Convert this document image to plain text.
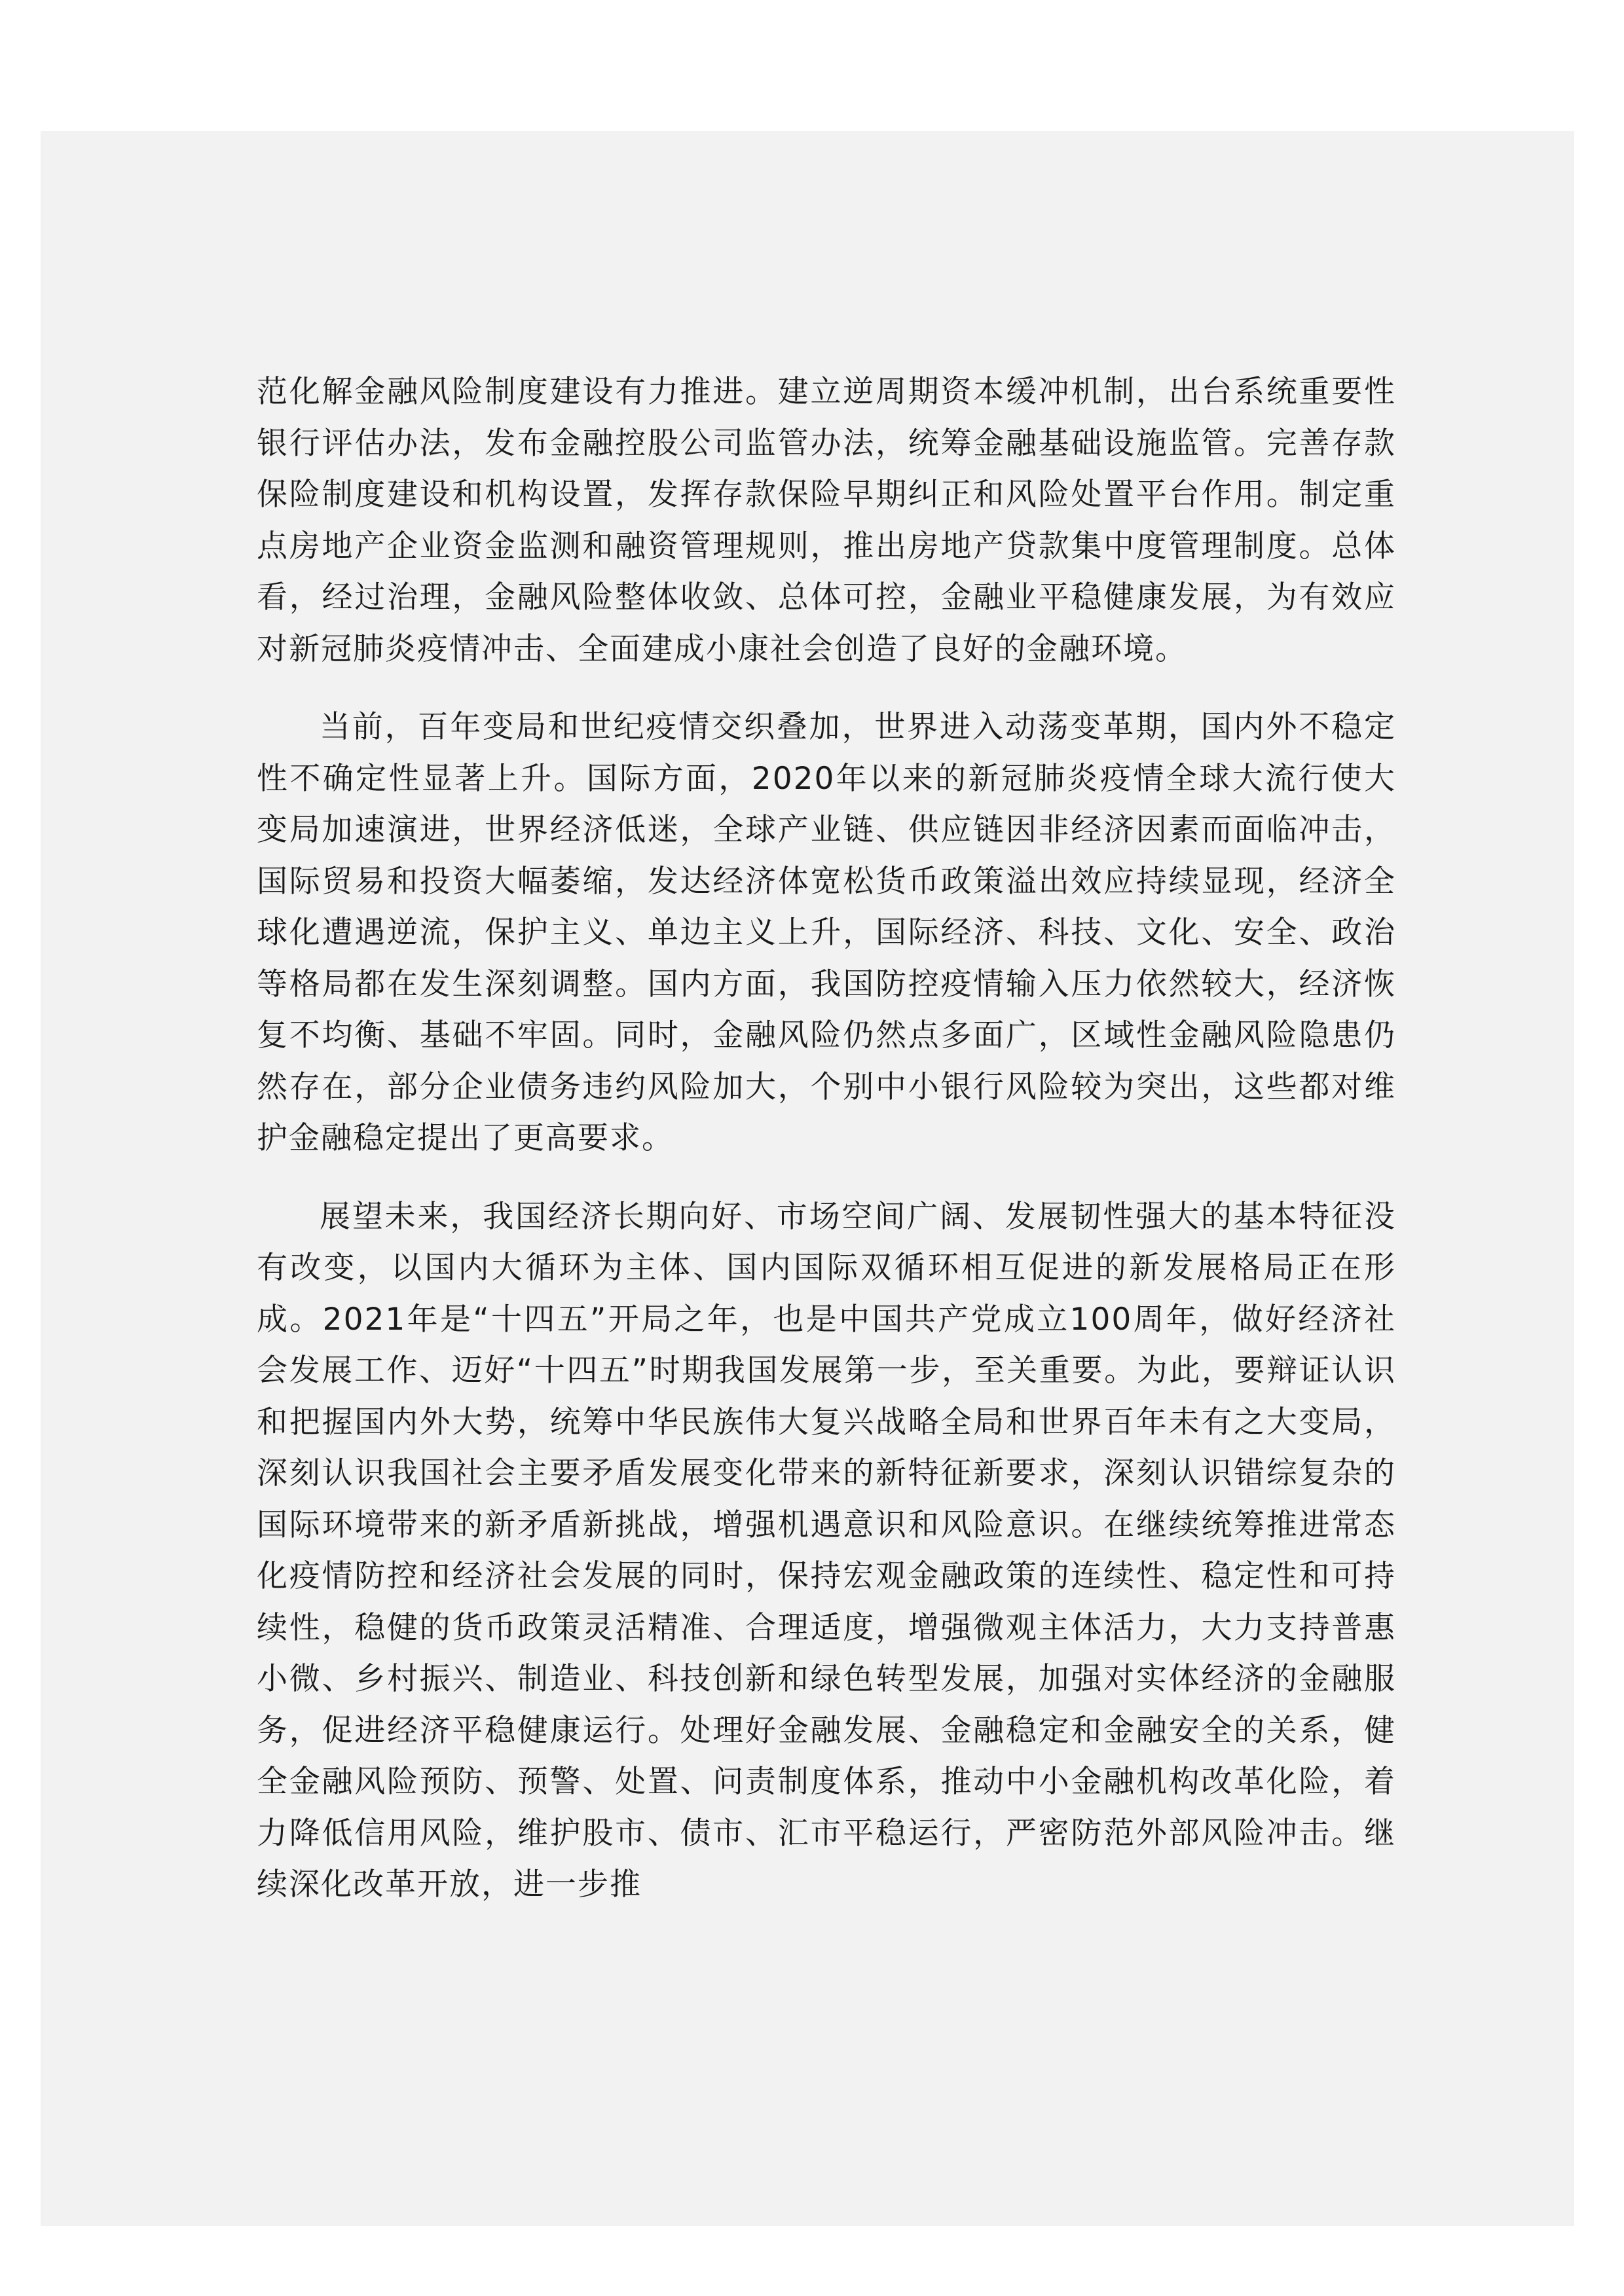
范化解金融风险制度建设有力推进。建立逆周期资本缓冲机制，出台系统重要性银行评估办法，发布金融控股公司监管办法，统筹金融基础设施监管。完善存款保险制度建设和机构设置，发挥存款保险早期纠正和风险处置平台作用。制定重点房地产企业资金监测和融资管理规则，推出房地产贷款集中度管理制度。总体看，经过治理，金融风险整体收敛、总体可控，金融业平稳健康发展，为有效应对新冠肺炎疫情冲击、全面建成小康社会创造了良好的金融环境。

当前，百年变局和世纪疫情交织叠加，世界进入动荡变革期，国内外不稳定性不确定性显著上升。国际方面，2020年以来的新冠肺炎疫情全球大流行使大变局加速演进，世界经济低迷，全球产业链、供应链因非经济因素而面临冲击，国际贸易和投资大幅萎缩，发达经济体宽松货币政策溢出效应持续显现，经济全球化遭遇逆流，保护主义、单边主义上升，国际经济、科技、文化、安全、政治等格局都在发生深刻调整。国内方面，我国防控疫情输入压力依然较大，经济恢复不均衡、基础不牢固。同时，金融风险仍然点多面广，区域性金融风险隐患仍然存在，部分企业债务违约风险加大，个别中小银行风险较为突出，这些都对维护金融稳定提出了更高要求。

展望未来，我国经济长期向好、市场空间广阔、发展韧性强大的基本特征没有改变，以国内大循环为主体、国内国际双循环相互促进的新发展格局正在形成。2021年是“十四五”开局之年，也是中国共产党成立100周年，做好经济社会发展工作、迈好“十四五”时期我国发展第一步，至关重要。为此，要辩证认识和把握国内外大势，统筹中华民族伟大复兴战略全局和世界百年未有之大变局，深刻认识我国社会主要矛盾发展变化带来的新特征新要求，深刻认识错综复杂的国际环境带来的新矛盾新挑战，增强机遇意识和风险意识。在继续统筹推进常态化疫情防控和经济社会发展的同时，保持宏观金融政策的连续性、稳定性和可持续性，稳健的货币政策灵活精准、合理适度，增强微观主体活力，大力支持普惠小微、乡村振兴、制造业、科技创新和绿色转型发展，加强对实体经济的金融服务，促进经济平稳健康运行。处理好金融发展、金融稳定和金融安全的关系，健全金融风险预防、预警、处置、问责制度体系，推动中小金融机构改革化险，着力降低信用风险，维护股市、债市、汇市平稳运行，严密防范外部风险冲击。继续深化改革开放，进一步推
